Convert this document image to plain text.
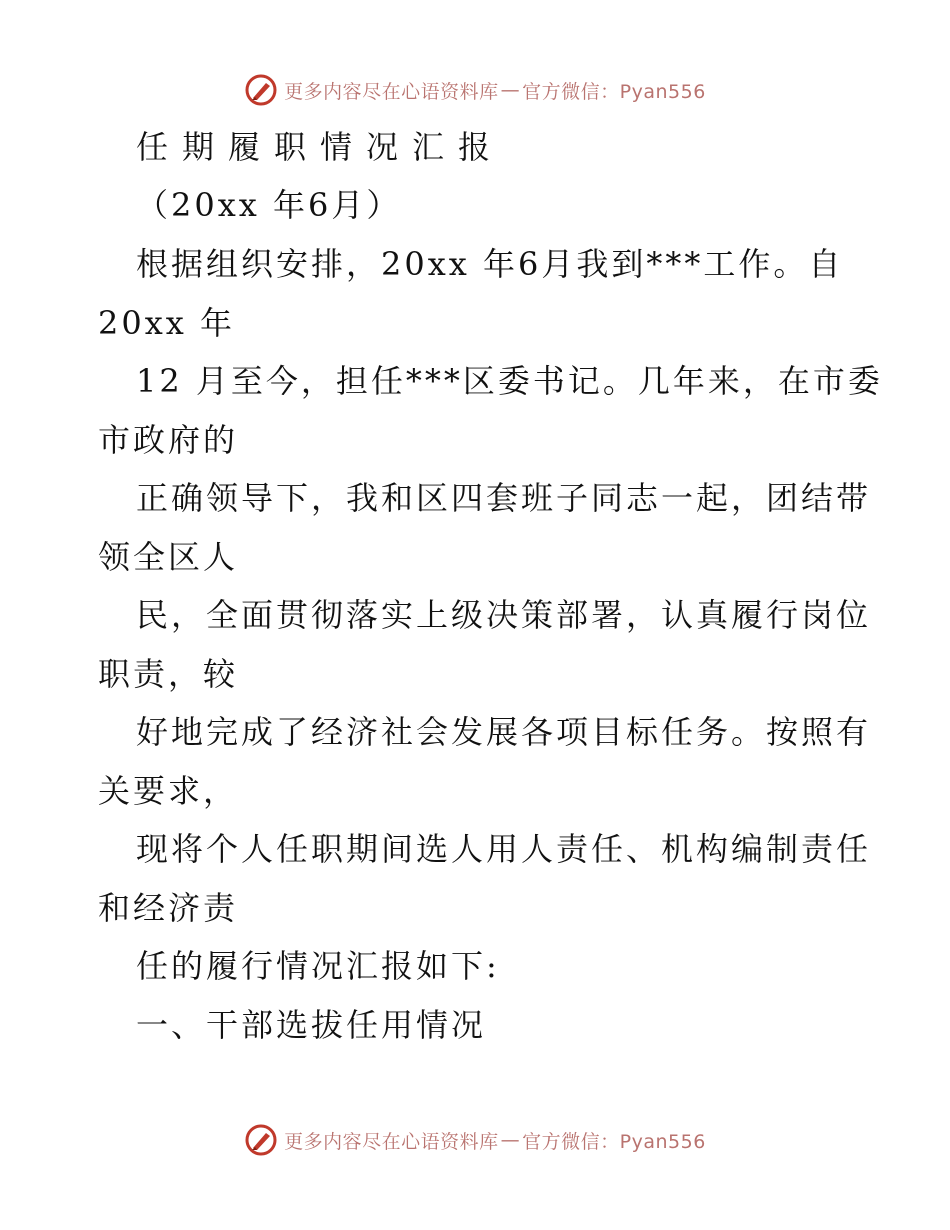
更多内容尽在心语资料库 — 官方微信：Pyan556
任期履职情况汇报
（20xx 年6月）
根据组织安排，20xx 年6月我到***工作。自
20xx 年
12 月至今，担任***区委书记。几年来，在市委
市政府的
正确领导下，我和区四套班子同志一起，团结带
领全区人
民，全面贯彻落实上级决策部署，认真履行岗位
职责，较
好地完成了经济社会发展各项目标任务。按照有
关要求，
现将个人任职期间选人用人责任、机构编制责任
和经济责
任的履行情况汇报如下:
一、干部选拔任用情况
更多内容尽在心语资料库 — 官方微信：Pyan556
